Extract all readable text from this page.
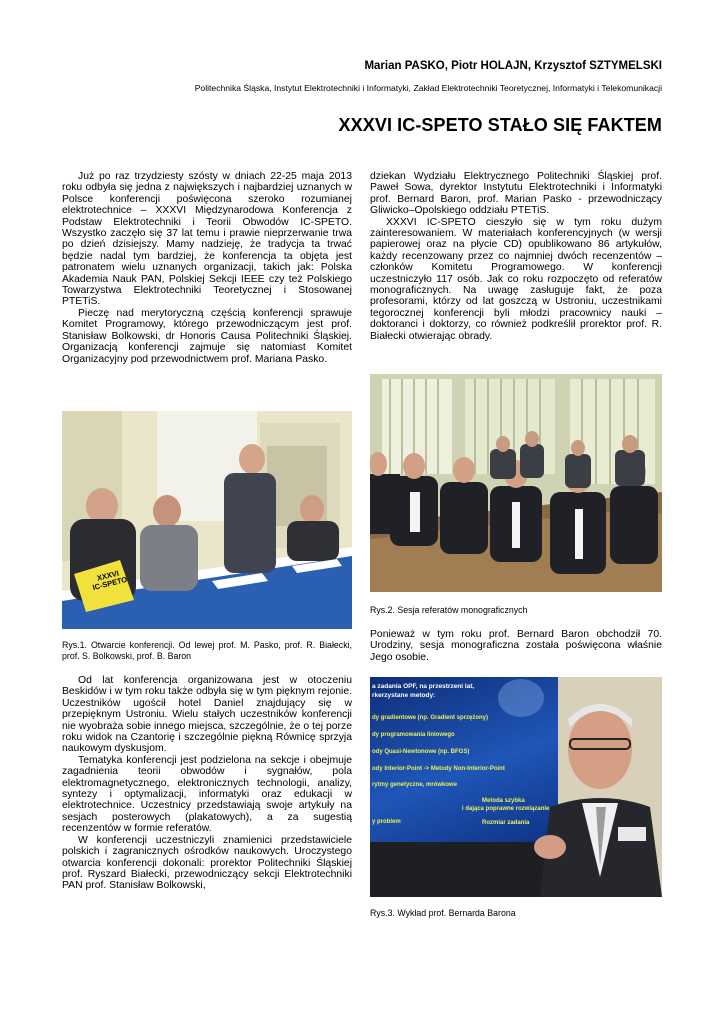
Marian PASKO, Piotr HOLAJN, Krzysztof SZTYMELSKI
Politechnika Śląska, Instytut Elektrotechniki i Informatyki, Zakład Elektrotechniki Teoretycznej, Informatyki i Telekomunikacji
XXXVI IC-SPETO STAŁO SIĘ FAKTEM

Już po raz trzydziesty szósty w dniach 22-25 maja 2013 roku odbyła się jedna z największych i najbardziej uznanych w Polsce konferencji poświęcona szeroko rozumianej elektrotechnice – XXXVI Międzynarodowa Konferencja z Podstaw Elektrotechniki i Teorii Obwodów IC-SPETO. Wszystko zaczęło się 37 lat temu i prawie nieprzerwanie trwa po dzień dzisiejszy. Mamy nadzieję, że tradycja ta trwać będzie nadal tym bardziej, że konferencja ta objęta jest patronatem wielu uznanych organizacji, takich jak: Polska Akademia Nauk PAN, Polskiej Sekcji IEEE czy też Polskiego Towarzystwa Elektrotechniki Teoretycznej i Stosowanej PTETiS.

Pieczę nad merytoryczną częścią konferencji sprawuje Komitet Programowy, którego przewodniczącym jest prof. Stanisław Bolkowski, dr Honoris Causa Politechniki Śląskiej. Organizacją konferencji zajmuje się natomiast Komitet Organizacyjny pod przewodnictwem prof. Mariana Pasko.

XXXVI
IC-SPETO
Rys.1. Otwarcie konferencji. Od lewej prof. M. Pasko, prof. R. Białecki, prof. S. Bolkowski, prof. B. Baron

Od lat konferencja organizowana jest w otoczeniu Beskidów i w tym roku także odbyła się w tym pięknym rejonie. Uczestników ugościł hotel Daniel znajdujący się w przepięknym Ustroniu. Wielu stałych uczestników konferencji nie wyobraża sobie innego miejsca, szczególnie, że o tej porze roku widok na Czantorię i szczególnie piękną Równicę sprzyja naukowym dyskusjom.

Tematyka konferencji jest podzielona na sekcje i obejmuje zagadnienia teorii obwodów i sygnałów, pola elektromagnetycznego, elektronicznych technologii, analizy, syntezy i optymalizacji, informatyki oraz edukacji w elektrotechnice. Uczestnicy przedstawiają swoje artykuły na sesjach posterowych (plakatowych), a za sugestią recenzentów w formie referatów.

W konferencji uczestniczyli znamienici przedstawiciele polskich i zagranicznych ośrodków naukowych. Uroczystego otwarcia konferencji dokonali: prorektor Politechniki Śląskiej prof. Ryszard Białecki, przewodniczący sekcji Elektrotechniki PAN prof. Stanisław Bolkowski,

dziekan Wydziału Elektrycznego Politechniki Śląskiej prof. Paweł Sowa, dyrektor Instytutu Elektrotechniki i Informatyki prof. Bernard Baron, prof. Marian Pasko - przewodniczący Gliwicko–Opolskiego oddziału PTETiS.

XXXVI IC-SPETO cieszyło się w tym roku dużym zainteresowaniem. W materiałach konferencyjnych (w wersji papierowej oraz na płycie CD) opublikowano 86 artykułów, każdy recenzowany przez co najmniej dwóch recenzentów – członków Komitetu Programowego. W konferencji uczestniczyło 117 osób. Jak co roku rozpoczęto od referatów monograficznych. Na uwagę zasługuje fakt, że poza profesorami, którzy od lat goszczą w Ustroniu, uczestnikami tegorocznej konferencji byli młodzi pracownicy nauki – doktoranci i doktorzy, co również podkreślił prorektor prof. R. Białecki otwierając obrady.

Rys.2. Sesja referatów monograficznych

Ponieważ w tym roku prof. Bernard Baron obchodził 70. Urodziny, sesja monograficzna została poświęcona właśnie Jego osobie.

a zadania OPF, na przestrzeni lat,
rkerzystane metody:
dy gradientowe (np. Gradient sprzężony)
dy programowania liniowego
ody Quasi-Newtonowe (np. BFGS)
ody Interior-Point -> Metody Non-Interior-Point
rytmy genetyczne, mrówkowe
Metoda szybka
i dająca poprawne rozwiązanie
y problem	Rozmiar zadania
Rys.3. Wykład prof. Bernarda Barona
